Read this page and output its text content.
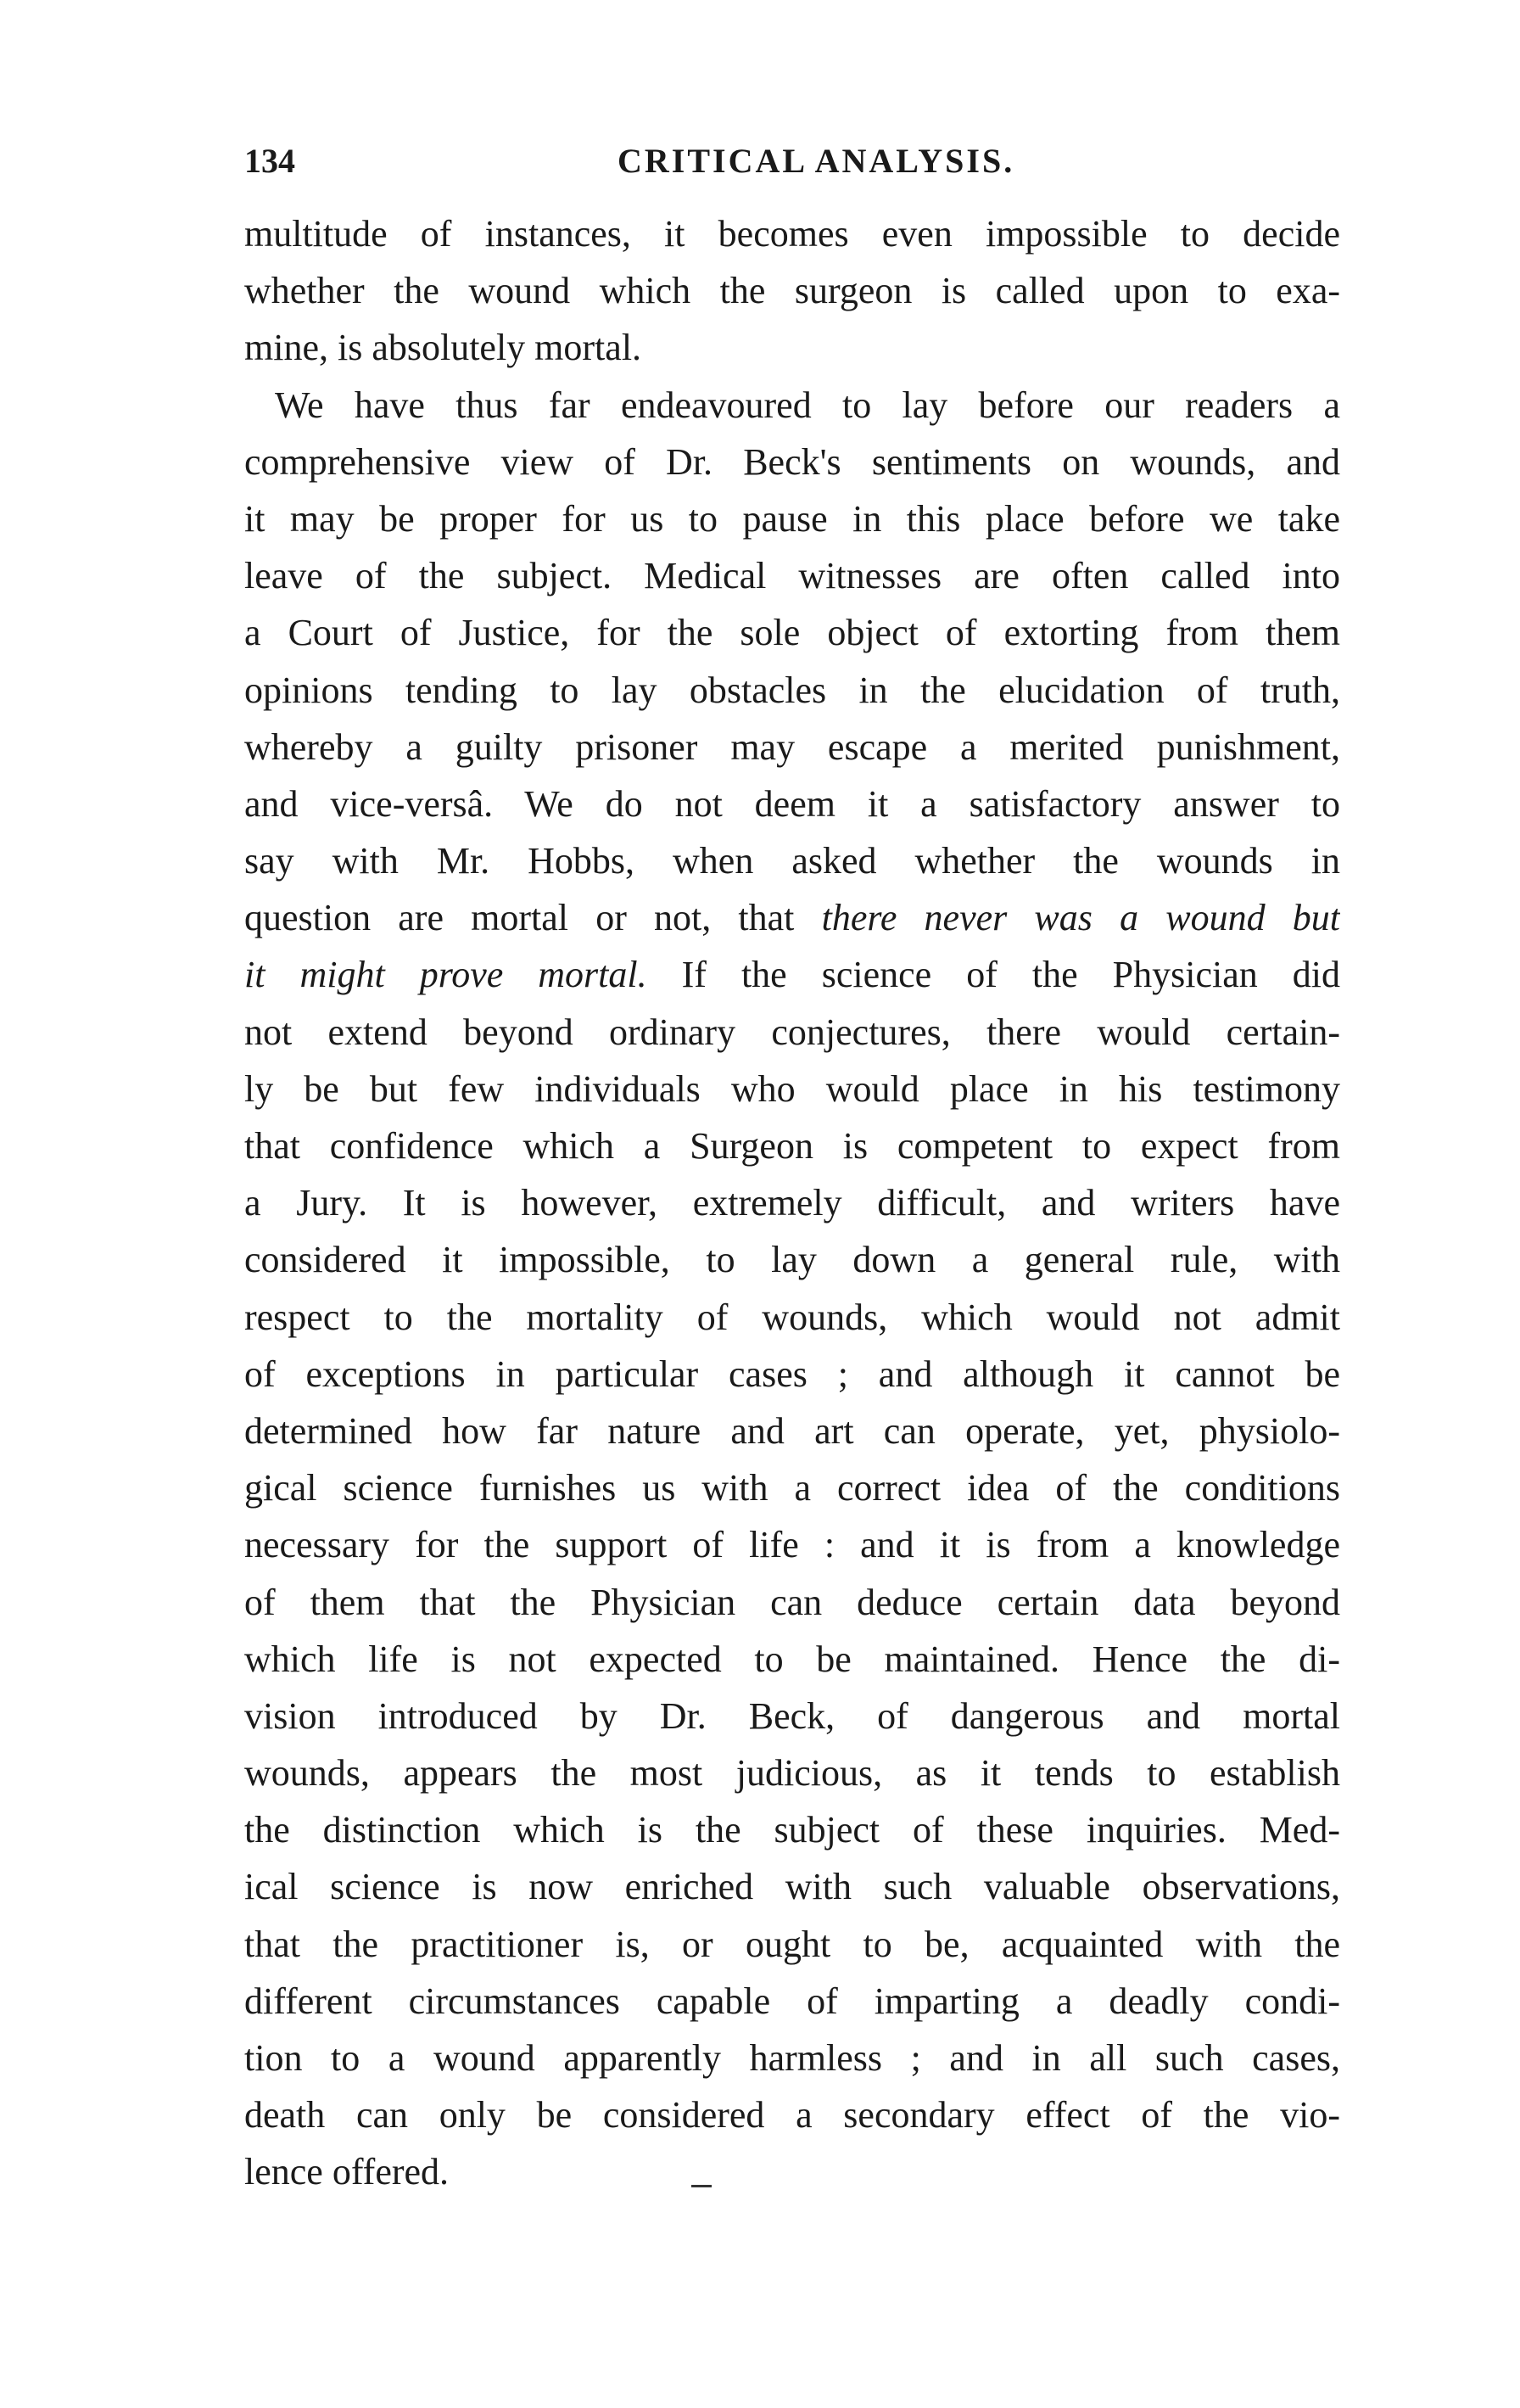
134	CRITICAL ANALYSIS.
multitude of instances, it becomes even impossible to decide
whether the wound which the surgeon is called upon to exa-
mine, is absolutely mortal.
We have thus far endeavoured to lay before our readers a
comprehensive view of Dr. Beck's sentiments on wounds, and
it may be proper for us to pause in this place before we take
leave of the subject. Medical witnesses are often called into
a Court of Justice, for the sole object of extorting from them
opinions tending to lay obstacles in the elucidation of truth,
whereby a guilty prisoner may escape a merited punishment,
and vice-versâ. We do not deem it a satisfactory answer to
say with Mr. Hobbs, when asked whether the wounds in
question are mortal or not, that there never was a wound but
it might prove mortal. If the science of the Physician did
not extend beyond ordinary conjectures, there would certain-
ly be but few individuals who would place in his testimony
that confidence which a Surgeon is competent to expect from
a Jury. It is however, extremely difficult, and writers have
considered it impossible, to lay down a general rule, with
respect to the mortality of wounds, which would not admit
of exceptions in particular cases ; and although it cannot be
determined how far nature and art can operate, yet, physiolo-
gical science furnishes us with a correct idea of the conditions
necessary for the support of life : and it is from a knowledge
of them that the Physician can deduce certain data beyond
which life is not expected to be maintained. Hence the di-
vision introduced by Dr. Beck, of dangerous and mortal
wounds, appears the most judicious, as it tends to establish
the distinction which is the subject of these inquiries. Med-
ical science is now enriched with such valuable observations,
that the practitioner is, or ought to be, acquainted with the
different circumstances capable of imparting a deadly condi-
tion to a wound apparently harmless ; and in all such cases,
death can only be considered a secondary effect of the vio-
lence offered.
